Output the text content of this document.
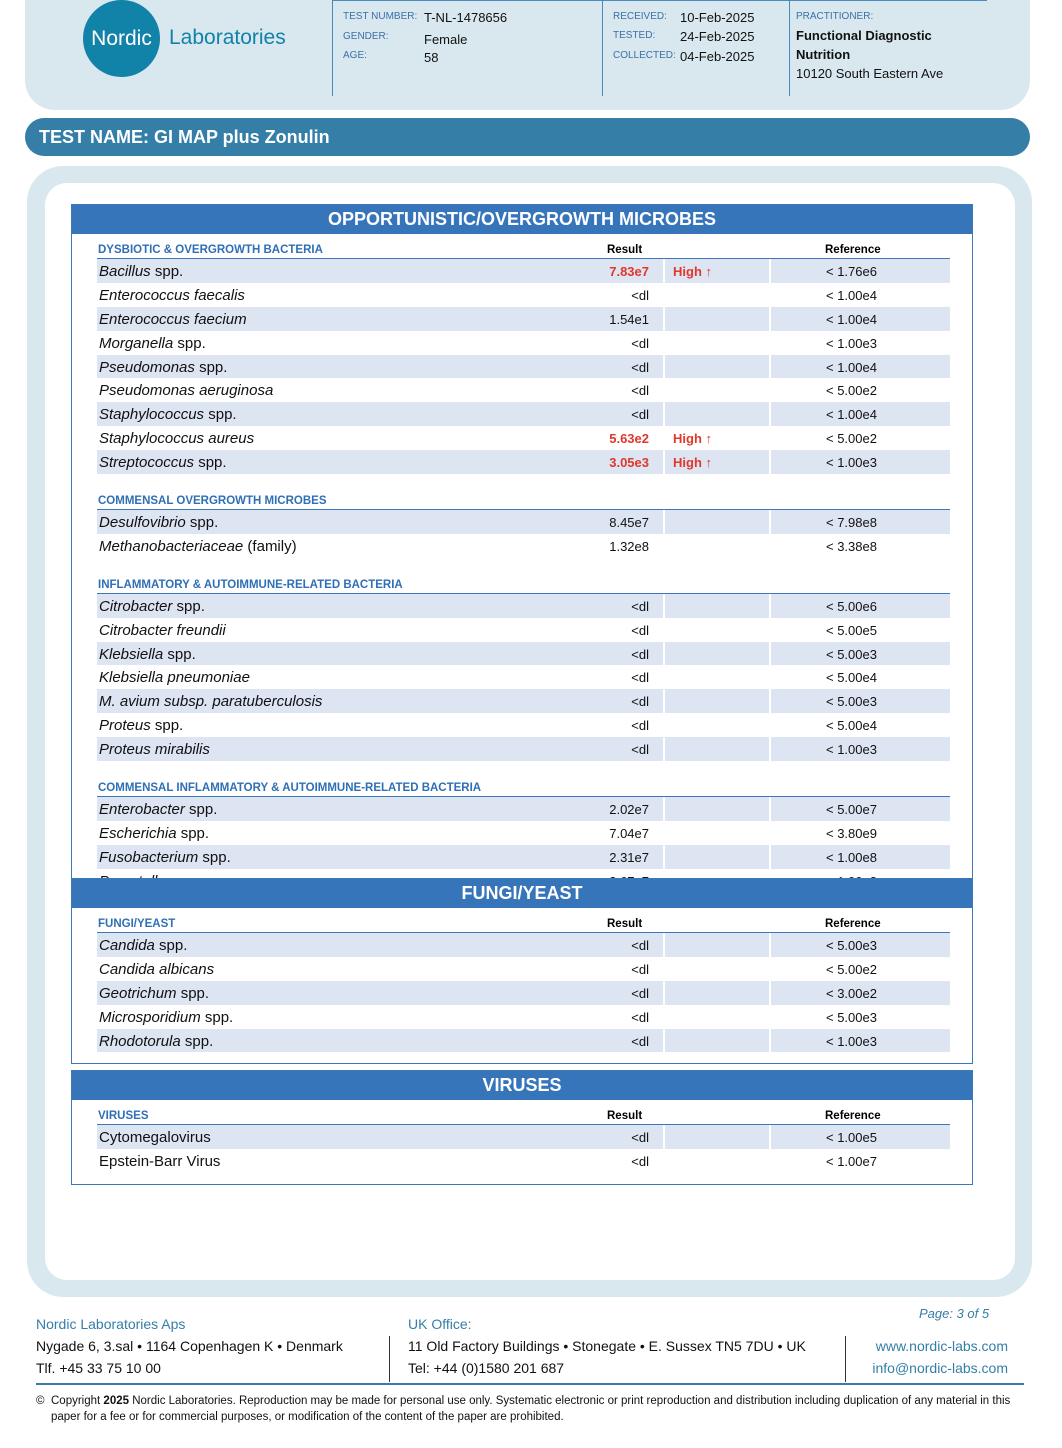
Nordic Laboratories
TEST NUMBER: T-NL-1478656
GENDER:	Female
AGE:	58
RECEIVED: 10-Feb-2025
TESTED: 24-Feb-2025
COLLECTED: 04-Feb-2025
PRACTITIONER:
Functional Diagnostic
Nutrition
10120 South Eastern Ave
TEST NAME: GI MAP plus Zonulin
OPPORTUNISTIC/OVERGROWTH MICROBES
DYSBIOTIC & OVERGROWTH BACTERIA	Result	Reference
Bacillus spp.	7.83e7 High ↑	< 1.76e6
Enterococcus faecalis	<dl	< 1.00e4
Enterococcus faecium	1.54e1	< 1.00e4
Morganella spp.	<dl	< 1.00e3
Pseudomonas spp.	<dl	< 1.00e4
Pseudomonas aeruginosa	<dl	< 5.00e2
Staphylococcus spp.	<dl	< 1.00e4
Staphylococcus aureus	5.63e2 High ↑	< 5.00e2
Streptococcus spp.	3.05e3 High ↑	< 1.00e3
COMMENSAL OVERGROWTH MICROBES
Desulfovibrio spp.	8.45e7	< 7.98e8
Methanobacteriaceae (family)	1.32e8	< 3.38e8
INFLAMMATORY & AUTOIMMUNE-RELATED BACTERIA
Citrobacter spp.	<dl	< 5.00e6
Citrobacter freundii	<dl	< 5.00e5
Klebsiella spp.	<dl	< 5.00e3
Klebsiella pneumoniae	<dl	< 5.00e4
M. avium subsp. paratuberculosis	<dl	< 5.00e3
Proteus spp.	<dl	< 5.00e4
Proteus mirabilis	<dl	< 1.00e3
COMMENSAL INFLAMMATORY & AUTOIMMUNE-RELATED BACTERIA
Enterobacter spp.	2.02e7	< 5.00e7
Escherichia spp.	7.04e7	< 3.80e9
Fusobacterium spp.	2.31e7	< 1.00e8
FUNGI/YEAST
FUNGI/YEAST	Result	Reference
Candida spp.	<dl	< 5.00e3
Candida albicans	<dl	< 5.00e2
Geotrichum spp.	<dl	< 3.00e2
Microsporidium spp.	<dl	< 5.00e3
Rhodotorula spp.	<dl	< 1.00e3
VIRUSES
VIRUSES	Result	Reference
Cytomegalovirus	<dl	< 1.00e5
Epstein-Barr Virus	<dl	< 1.00e7
Page: 3 of 5
Nordic Laboratories Aps
Nygade 6, 3.sal • 1164 Copenhagen K • Denmark
Tlf. +45 33 75 10 00
UK Office:
11 Old Factory Buildings • Stonegate • E. Sussex TN5 7DU • UK
Tel: +44 (0)1580 201 687
www.nordic-labs.com
info@nordic-labs.com
© Copyright 2025 Nordic Laboratories. Reproduction may be made for personal use only. Systematic electronic or print reproduction and distribution including duplication of any material in this paper for a fee or for commercial purposes, or modification of the content of the paper are prohibited.
